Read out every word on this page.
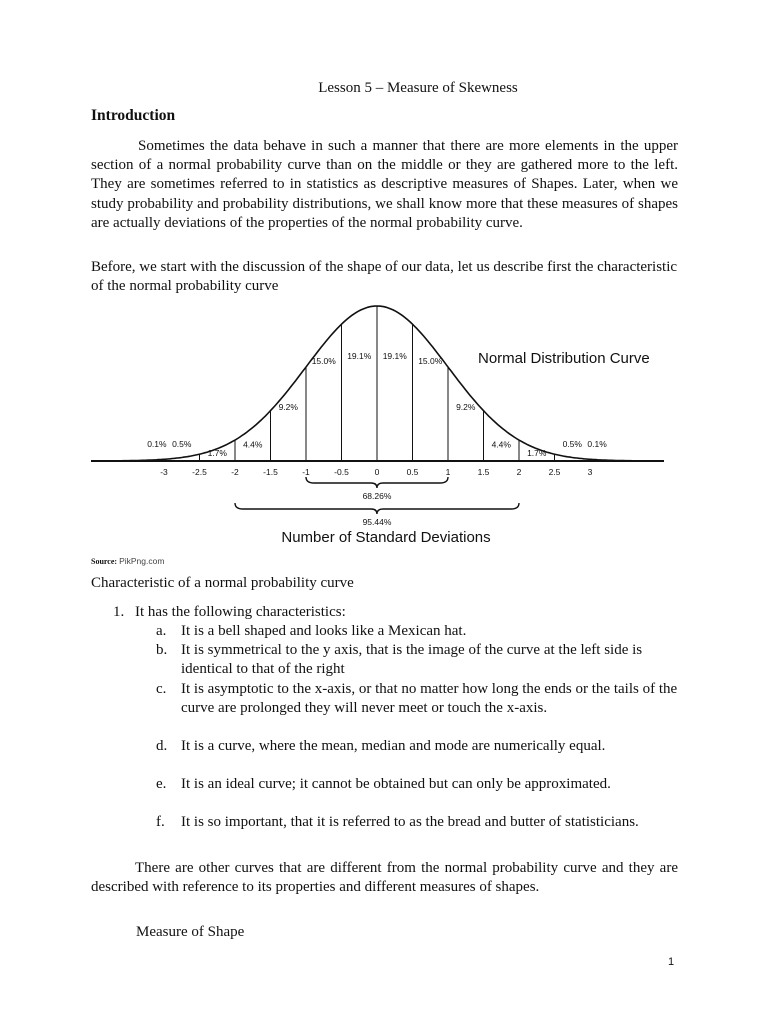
Lesson 5 – Measure of Skewness
Introduction
Sometimes the data behave in such a manner that there are more elements in the upper section of a normal probability curve than on the middle or they are gathered more to the left. They are sometimes referred to in statistics as descriptive measures of Shapes. Later, when we study probability and probability distributions, we shall know more that these measures of shapes are actually deviations of the properties of the normal probability curve.
Before, we start with the discussion of the shape of our data, let us describe first the characteristic of the normal probability curve
-3	-2.5	-2	-1.5	-1	-0.5	0	0.5	1	1.5	2	2.5	3
0.1% 0.5%
1.7%
4.4%
9.2%
15.0% 19.1% 19.1% 15.0%
9.2%
4.4%
1.7%
0.5% 0.1%
68.26%
95.44%
Normal Distribution Curve
Number of Standard Deviations
Source: PikPng.com
Characteristic of a normal probability curve
1. It has the following characteristics:
a. It is a bell shaped and looks like a Mexican hat.
b. It is symmetrical to the y axis, that is the image of the curve at the left side is identical to that of the right
c. It is asymptotic to the x-axis, or that no matter how long the ends or the tails of the curve are prolonged they will never meet or touch the x-axis.
d. It is a curve, where the mean, median and mode are numerically equal.
e. It is an ideal curve; it cannot be obtained but can only be approximated.
f.	It is so important, that it is referred to as the bread and butter of statisticians.
There are other curves that are different from the normal probability curve and they are described with reference to its properties and different measures of shapes.
Measure of Shape
1
